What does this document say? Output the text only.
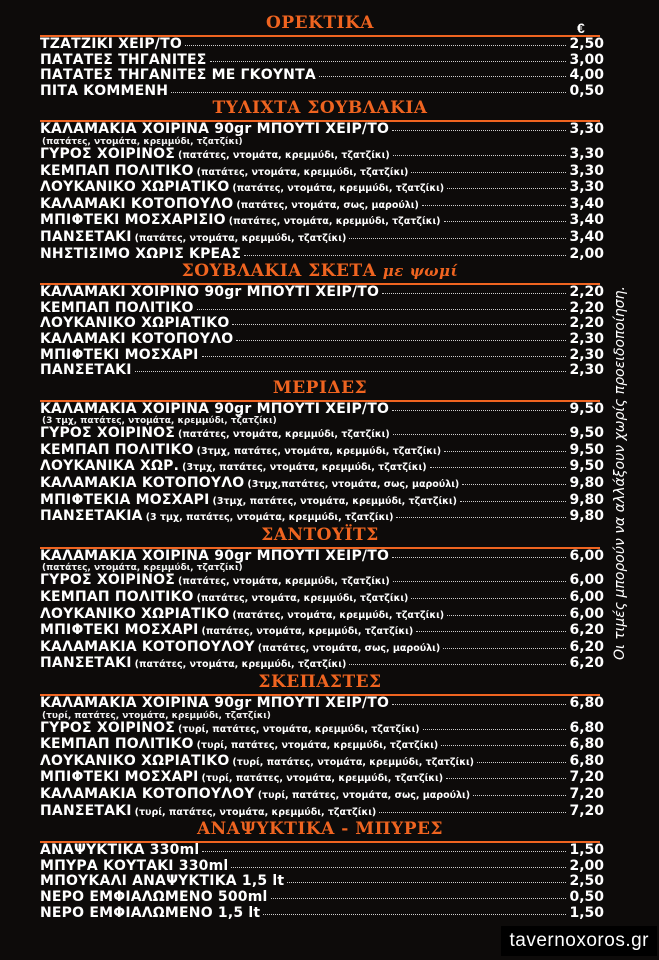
€
ΟΡΕΚΤΙΚΑ
ΤΖΑΤΖΙΚΙ ΧΕΙΡ/ΤΟ	2,50
ΠΑΤΑΤΕΣ ΤΗΓΑΝΙΤΕΣ	3,00
ΠΑΤΑΤΕΣ ΤΗΓΑΝΙΤΕΣ ΜΕ ΓΚΟΥΝΤΑ	4,00
ΠΙΤΑ ΚΟΜΜΕΝΗ	0,50
ΤΥΛΙΧΤΑ ΣΟΥΒΛΑΚΙΑ
ΚΑΛΑΜΑΚΙΑ ΧΟΙΡΙΝΑ 90gr ΜΠΟΥΤΙ ΧΕΙΡ/ΤΟ	3,30
(πατάτες, ντομάτα, κρεμμύδι, τζατζίκι)
ΓΥΡΟΣ ΧΟΙΡΙΝΟΣ (πατάτες, ντομάτα, κρεμμύδι, τζατζίκι)	3,30
ΚΕΜΠΑΠ ΠΟΛΙΤΙΚΟ (πατάτες, ντομάτα, κρεμμύδι, τζατζίκι)	3,30
ΛΟΥΚΑΝΙΚΟ ΧΩΡΙΑΤΙΚΟ (πατάτες, ντομάτα, κρεμμύδι, τζατζίκι)	3,30
ΚΑΛΑΜΑΚΙ ΚΟΤΟΠΟΥΛΟ (πατάτες, ντομάτα, σως, μαρούλι)	3,40
ΜΠΙΦΤΕΚΙ ΜΟΣΧΑΡΙΣΙΟ (πατάτες, ντομάτα, κρεμμύδι, τζατζίκι)	3,40
ΠΑΝΣΕΤΑΚΙ (πατάτες, ντομάτα, κρεμμύδι, τζατζίκι)	3,40
ΝΗΣΤΙΣΙΜΟ ΧΩΡΙΣ ΚΡΕΑΣ	2,00
ΣΟΥΒΛΑΚΙΑ ΣΚΕΤΑ με ψωμί
ΚΑΛΑΜΑΚΙ ΧΟΙΡΙΝΟ 90gr ΜΠΟΥΤΙ ΧΕΙΡ/ΤΟ	2,20
ΚΕΜΠΑΠ ΠΟΛΙΤΙΚΟ	2,20
ΛΟΥΚΑΝΙΚΟ ΧΩΡΙΑΤΙΚΟ	2,20
ΚΑΛΑΜΑΚΙ ΚΟΤΟΠΟΥΛΟ	2,30
ΜΠΙΦΤΕΚΙ ΜΟΣΧΑΡΙ	2,30
ΠΑΝΣΕΤΑΚΙ	2,30
ΜΕΡΙΔΕΣ
ΚΑΛΑΜΑΚΙΑ ΧΟΙΡΙΝΑ 90gr ΜΠΟΥΤΙ ΧΕΙΡ/ΤΟ	9,50
(3 τμχ, πατάτες, ντομάτα, κρεμμύδι, τζατζίκι)
ΓΥΡΟΣ ΧΟΙΡΙΝΟΣ (πατάτες, ντομάτα, κρεμμύδι, τζατζίκι)	9,50
ΚΕΜΠΑΠ ΠΟΛΙΤΙΚΟ (3τμχ, πατάτες, ντομάτα, κρεμμύδι, τζατζίκι)	9,50
ΛΟΥΚΑΝΙΚΑ ΧΩΡ. (3τμχ, πατάτες, ντομάτα, κρεμμύδι, τζατζίκι)	9,50
ΚΑΛΑΜΑΚΙΑ ΚΟΤΟΠΟΥΛΟ (3τμχ,πατάτες, ντομάτα, σως, μαρούλι)	9,80
ΜΠΙΦΤΕΚΙΑ ΜΟΣΧΑΡΙ (3τμχ, πατάτες, ντομάτα, κρεμμύδι, τζατζίκι)	9,80
ΠΑΝΣΕΤΑΚΙΑ (3 τμχ, πατάτες, ντομάτα, κρεμμύδι, τζατζίκι)	9,80
ΣΑΝΤΟΥΪΤΣ
ΚΑΛΑΜΑΚΙΑ ΧΟΙΡΙΝΑ 90gr ΜΠΟΥΤΙ ΧΕΙΡ/ΤΟ	6,00
(πατάτες, ντομάτα, κρεμμύδι, τζατζίκι)
ΓΥΡΟΣ ΧΟΙΡΙΝΟΣ (πατάτες, ντομάτα, κρεμμύδι, τζατζίκι)	6,00
ΚΕΜΠΑΠ ΠΟΛΙΤΙΚΟ (πατάτες, ντομάτα, κρεμμύδι, τζατζίκι)	6,00
ΛΟΥΚΑΝΙΚΟ ΧΩΡΙΑΤΙΚΟ (πατάτες, ντομάτα, κρεμμύδι, τζατζίκι)	6,00
ΜΠΙΦΤΕΚΙ ΜΟΣΧΑΡΙ (πατάτες, ντομάτα, κρεμμύδι, τζατζίκι)	6,20
ΚΑΛΑΜΑΚΙΑ ΚΟΤΟΠΟΥΛΟΥ (πατάτες, ντομάτα, σως, μαρούλι)	6,20
ΠΑΝΣΕΤΑΚΙ (πατάτες, ντομάτα, κρεμμύδι, τζατζίκι)	6,20
ΣΚΕΠΑΣΤΕΣ
ΚΑΛΑΜΑΚΙΑ ΧΟΙΡΙΝΑ 90gr ΜΠΟΥΤΙ ΧΕΙΡ/ΤΟ	6,80
(τυρί, πατάτες, ντομάτα, κρεμμύδι, τζατζίκι)
ΓΥΡΟΣ ΧΟΙΡΙΝΟΣ (τυρί, πατάτες, ντομάτα, κρεμμύδι, τζατζίκι)	6,80
ΚΕΜΠΑΠ ΠΟΛΙΤΙΚΟ (τυρί, πατάτες, ντομάτα, κρεμμύδι, τζατζίκι)	6,80
ΛΟΥΚΑΝΙΚΟ ΧΩΡΙΑΤΙΚΟ (τυρί, πατάτες, ντομάτα, κρεμμύδι, τζατζίκι)	6,80
ΜΠΙΦΤΕΚΙ ΜΟΣΧΑΡΙ (τυρί, πατάτες, ντομάτα, κρεμμύδι, τζατζίκι)	7,20
ΚΑΛΑΜΑΚΙΑ ΚΟΤΟΠΟΥΛΟΥ (τυρί, πατάτες, ντομάτα, σως, μαρούλι)	7,20
ΠΑΝΣΕΤΑΚΙ (τυρί, πατάτες, ντομάτα, κρεμμύδι, τζατζίκι)	7,20
ΑΝΑΨΥΚΤΙΚΑ - ΜΠΥΡΕΣ
ΑΝΑΨΥΚΤΙΚΑ 330ml	1,50
ΜΠΥΡΑ ΚΟΥΤΑΚΙ 330ml	2,00
ΜΠΟΥΚΑΛΙ ΑΝΑΨΥΚΤΙΚΑ 1,5 lt	2,50
ΝΕΡΟ ΕΜΦΙΑΛΩΜΕΝΟ 500ml	0,50
ΝΕΡΟ ΕΜΦΙΑΛΩΜΕΝΟ 1,5 lt	1,50
Οι τιμές μπορούν να αλλάξουν χωρίς προειδοποίηση.
tavernoxoros.gr
